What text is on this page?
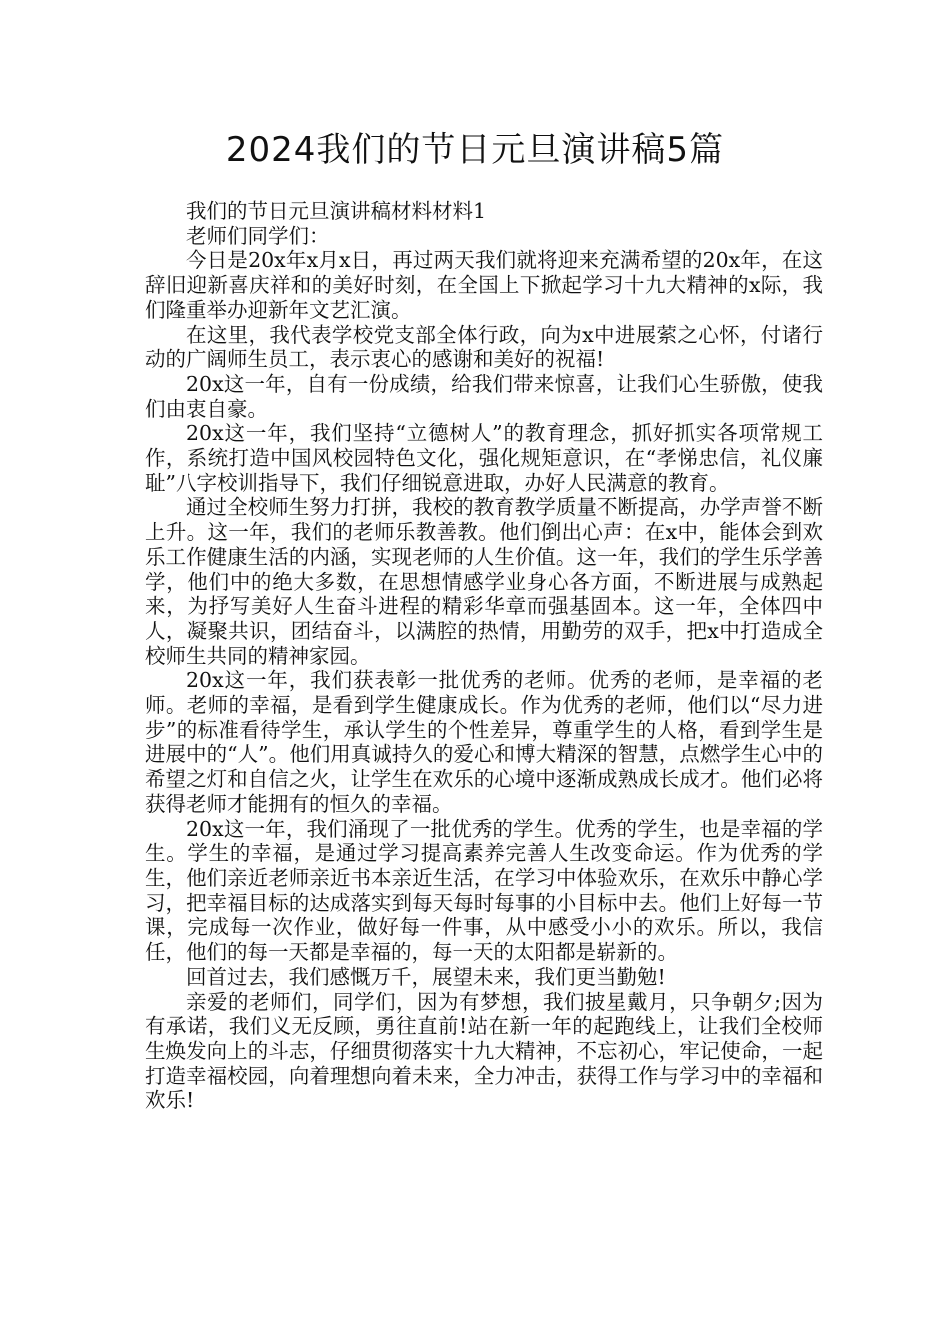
2024我们的节日元旦演讲稿5篇

我们的节日元旦演讲稿材料材料1

老师们同学们：

今日是20x年x月x日，再过两天我们就将迎来充满希望的20x年，在这辞旧迎新喜庆祥和的美好时刻，在全国上下掀起学习十九大精神的x际，我们隆重举办迎新年文艺汇演。

在这里，我代表学校党支部全体行政，向为x中进展萦之心怀，付诸行动的广阔师生员工，表示衷心的感谢和美好的祝福!

20x这一年，自有一份成绩，给我们带来惊喜，让我们心生骄傲，使我们由衷自豪。

20x这一年，我们坚持“立德树人”的教育理念，抓好抓实各项常规工作，系统打造中国风校园特色文化，强化规矩意识，在“孝悌忠信，礼仪廉耻”八字校训指导下，我们仔细锐意进取，办好人民满意的教育。

通过全校师生努力打拼，我校的教育教学质量不断提高，办学声誉不断上升。这一年，我们的老师乐教善教。他们倒出心声：在x中，能体会到欢乐工作健康生活的内涵，实现老师的人生价值。这一年，我们的学生乐学善学，他们中的绝大多数，在思想情感学业身心各方面，不断进展与成熟起来，为抒写美好人生奋斗进程的精彩华章而强基固本。这一年，全体四中人，凝聚共识，团结奋斗，以满腔的热情，用勤劳的双手，把x中打造成全校师生共同的精神家园。

20x这一年，我们获表彰一批优秀的老师。优秀的老师，是幸福的老师。老师的幸福，是看到学生健康成长。作为优秀的老师，他们以“尽力进步”的标准看待学生，承认学生的个性差异，尊重学生的人格，看到学生是进展中的“人”。他们用真诚持久的爱心和博大精深的智慧，点燃学生心中的希望之灯和自信之火，让学生在欢乐的心境中逐渐成熟成长成才。他们必将获得老师才能拥有的恒久的幸福。

20x这一年，我们涌现了一批优秀的学生。优秀的学生，也是幸福的学生。学生的幸福，是通过学习提高素养完善人生改变命运。作为优秀的学生，他们亲近老师亲近书本亲近生活，在学习中体验欢乐，在欢乐中静心学习，把幸福目标的达成落实到每天每时每事的小目标中去。他们上好每一节课，完成每一次作业，做好每一件事，从中感受小小的欢乐。所以，我信任，他们的每一天都是幸福的，每一天的太阳都是崭新的。

回首过去，我们感慨万千，展望未来，我们更当勤勉!

亲爱的老师们，同学们，因为有梦想，我们披星戴月，只争朝夕;因为有承诺，我们义无反顾，勇往直前!站在新一年的起跑线上，让我们全校师生焕发向上的斗志，仔细贯彻落实十九大精神，不忘初心，牢记使命，一起打造幸福校园，向着理想向着未来，全力冲击，获得工作与学习中的幸福和欢乐!
